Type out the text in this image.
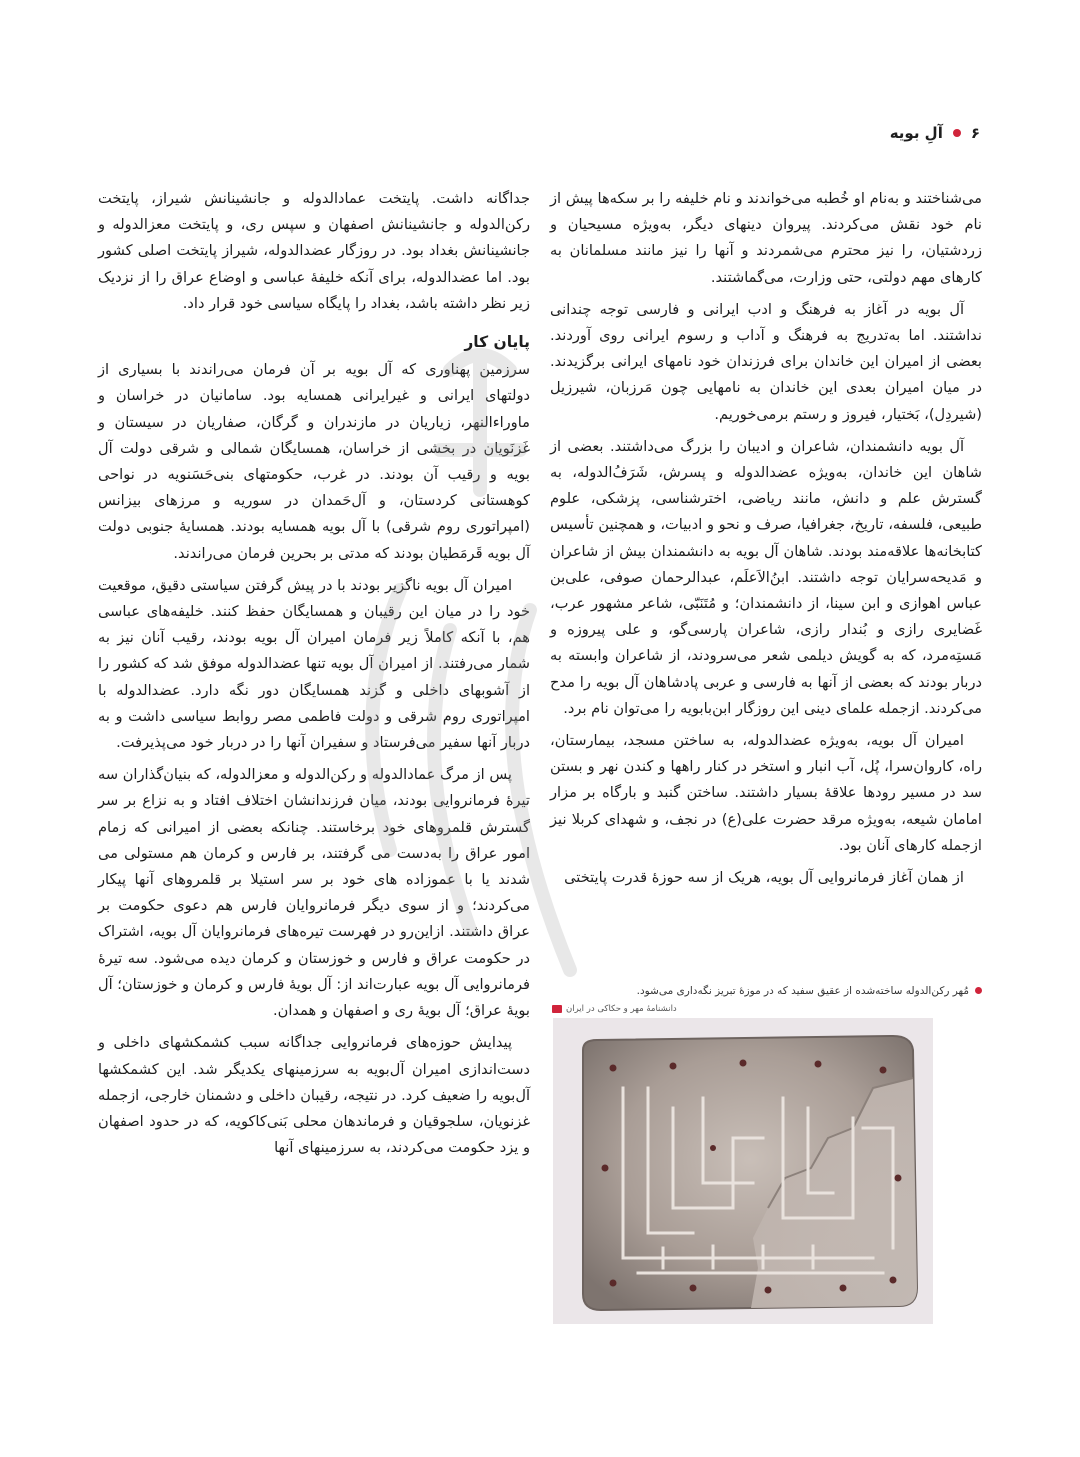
۶
آلِ بویه

می‌شناختند و به‌نام او خُطبه می‌خواندند و نام خلیفه را بر سکه‌ها پیش از نام خود نقش می‌کردند. پیروان دینهای دیگر، به‌ویژه مسیحیان و زردشتیان، را نیز محترم می‌شمردند و آنها را نیز مانند مسلمانان به کارهای مهم دولتی، حتی وزارت، می‌گماشتند.

آل بویه در آغاز به فرهنگ و ادب ایرانی و فارسی توجه چندانی نداشتند. اما به‌تدریج به فرهنگ و آداب و رسوم ایرانی روی آوردند. بعضی از امیران این خاندان برای فرزندان خود نامهای ایرانی برگزیدند. در میان امیران بعدی این خاندان به نامهایی چون مَرزبان، شیرزیل (شیردِل)، بَختیار، فیروز و رستم برمی‌خوریم.

آل بویه دانشمندان، شاعران و ادیبان را بزرگ می‌داشتند. بعضی از شاهان این خاندان، به‌ویژه عضدالدوله و پسرش، شَرَفُ‌الدوله، به گسترش علم و دانش، مانند ریاضی، اخترشناسی، پزشکی، علوم طبیعی، فلسفه، تاریخ، جغرافیا، صرف و نحو و ادبیات، و همچنین تأسیس کتابخانه‌ها علاقه‌مند بودند. شاهان آل بویه به دانشمندان بیش از شاعران و مَدیحه‌سرایان توجه داشتند. ابنُ‌الاَعلَم، عبدالرحمان صوفی، علی‌بن عباس اهوازی و ابن سینا، از دانشمندان؛ و مُتَنَبّی، شاعر مشهور عرب، غَضایری رازی و بُندار رازی، شاعران پارسی‌گو، و علی پیروزه و مَستِه‌مرد، که به گویش دیلمی شعر می‌سرودند، از شاعران وابسته به دربار بودند که بعضی از آنها به فارسی و عربی پادشاهان آل بویه را مدح می‌کردند. ازجمله علمای دینی این روزگار ابن‌بابویه را می‌توان نام برد.

امیران آل بویه، به‌ویژه عضدالدوله، به ساختن مسجد، بیمارستان، راه، کاروان‌سرا، پُل، آب انبار و استخر در کنار راهها و کندن نهر و بستن سد در مسیر رودها علاقهٔ بسیار داشتند. ساختن گنبد و بارگاه بر مزار امامان شیعه، به‌ویژه مرقد حضرت علی(ع) در نجف، و شهدای کربلا نیز ازجمله کارهای آنان بود.

از همان آغاز فرمانروایی آل بویه، هریک از سه حوزهٔ قدرت پایتختی

جداگانه داشت. پایتخت عمادالدوله و جانشینانش شیراز، پایتخت رکن‌الدوله و جانشینانش اصفهان و سپس ری، و پایتخت معزالدوله و جانشینانش بغداد بود. در روزگار عضدالدوله، شیراز پایتخت اصلی کشور بود. اما عضدالدوله، برای آنکه خلیفهٔ عباسی و اوضاع عراق را از نزدیک زیر نظر داشته باشد، بغداد را پایگاه سیاسی خود قرار داد.

پایان کار

سرزمین پهناوری که آل بویه بر آن فرمان می‌راندند با بسیاری از دولتهای ایرانی و غیرایرانی همسایه بود. سامانیان در خراسان و ماوراءالنهر، زیاریان در مازندران و گرگان، صفاریان در سیستان و غَزنَویان در بخشی از خراسان، همسایگان شمالی و شرقی دولت آل بویه و رقیب آن بودند. در غرب، حکومتهای بنی‌حَسَنویه در نواحی کوهستانی کردستان، و آل‌حَمدان در سوریه و مرزهای بیزانس (امپراتوری روم شرقی) با آل بویه همسایه بودند. همسایهٔ جنوبی دولت آل بویه قَرمَطیان بودند که مدتی بر بحرین فرمان می‌راندند.

امیران آل بویه ناگزیر بودند با در پیش گرفتن سیاستی دقیق، موقعیت خود را در میان این رقیبان و همسایگان حفظ کنند. خلیفه‌های عباسی هم، با آنکه کاملاً زیر فرمان امیران آل بویه بودند، رقیب آنان نیز به شمار می‌رفتند. از امیران آل بویه تنها عضدالدوله موفق شد که کشور را از آشوبهای داخلی و گزند همسایگان دور نگه دارد. عضدالدوله با امپراتوری روم شرقی و دولت فاطمی مصر روابط سیاسی داشت و به دربار آنها سفیر می‌فرستاد و سفیران آنها را در دربار خود می‌پذیرفت.

پس از مرگ عمادالدوله و رکن‌الدوله و معزالدوله، که بنیان‌گذاران سه تیرهٔ فرمانروایی بودند، میان فرزندانشان اختلاف افتاد و به نزاع بر سر گسترش قلمروهای خود برخاستند. چنانکه بعضی از امیرانی که زمام امور عراق را به‌دست می گرفتند، بر فارس و کرمان هم مستولی می شدند یا با عموزاده های خود بر سر استیلا بر قلمروهای آنها پیکار می‌کردند؛ و از سوی دیگر فرمانروایان فارس هم دعوی حکومت بر عراق داشتند. ازاین‌رو در فهرست تیره‌های فرمانروایان آل بویه، اشتراک در حکومت عراق و فارس و خوزستان و کرمان دیده می‌شود. سه تیرهٔ فرمانروایی آل بویه عبارت‌اند از: آل بویهٔ فارس و کرمان و خوزستان؛ آل بویهٔ عراق؛ آل بویهٔ ری و اصفهان و همدان.

پیدایش حوزه‌های فرمانروایی جداگانه سبب کشمکشهای داخلی و دست‌اندازی امیران آل‌بویه به سرزمینهای یکدیگر شد. این کشمکشها آل‌بویه را ضعیف کرد. در نتیجه، رقیبان داخلی و دشمنان خارجی، ازجمله غزنویان، سلجوقیان و فرماندهان محلی بَنی‌کاکویه، که در حدود اصفهان و یزد حکومت می‌کردند، به سرزمینهای آنها

مُهر رکن‌الدوله ساخته‌شده از عقیق سفید که در موزهٔ تبریز نگه‌داری می‌شود.
دانشنامهٔ مهر و حکاکی در ایران
